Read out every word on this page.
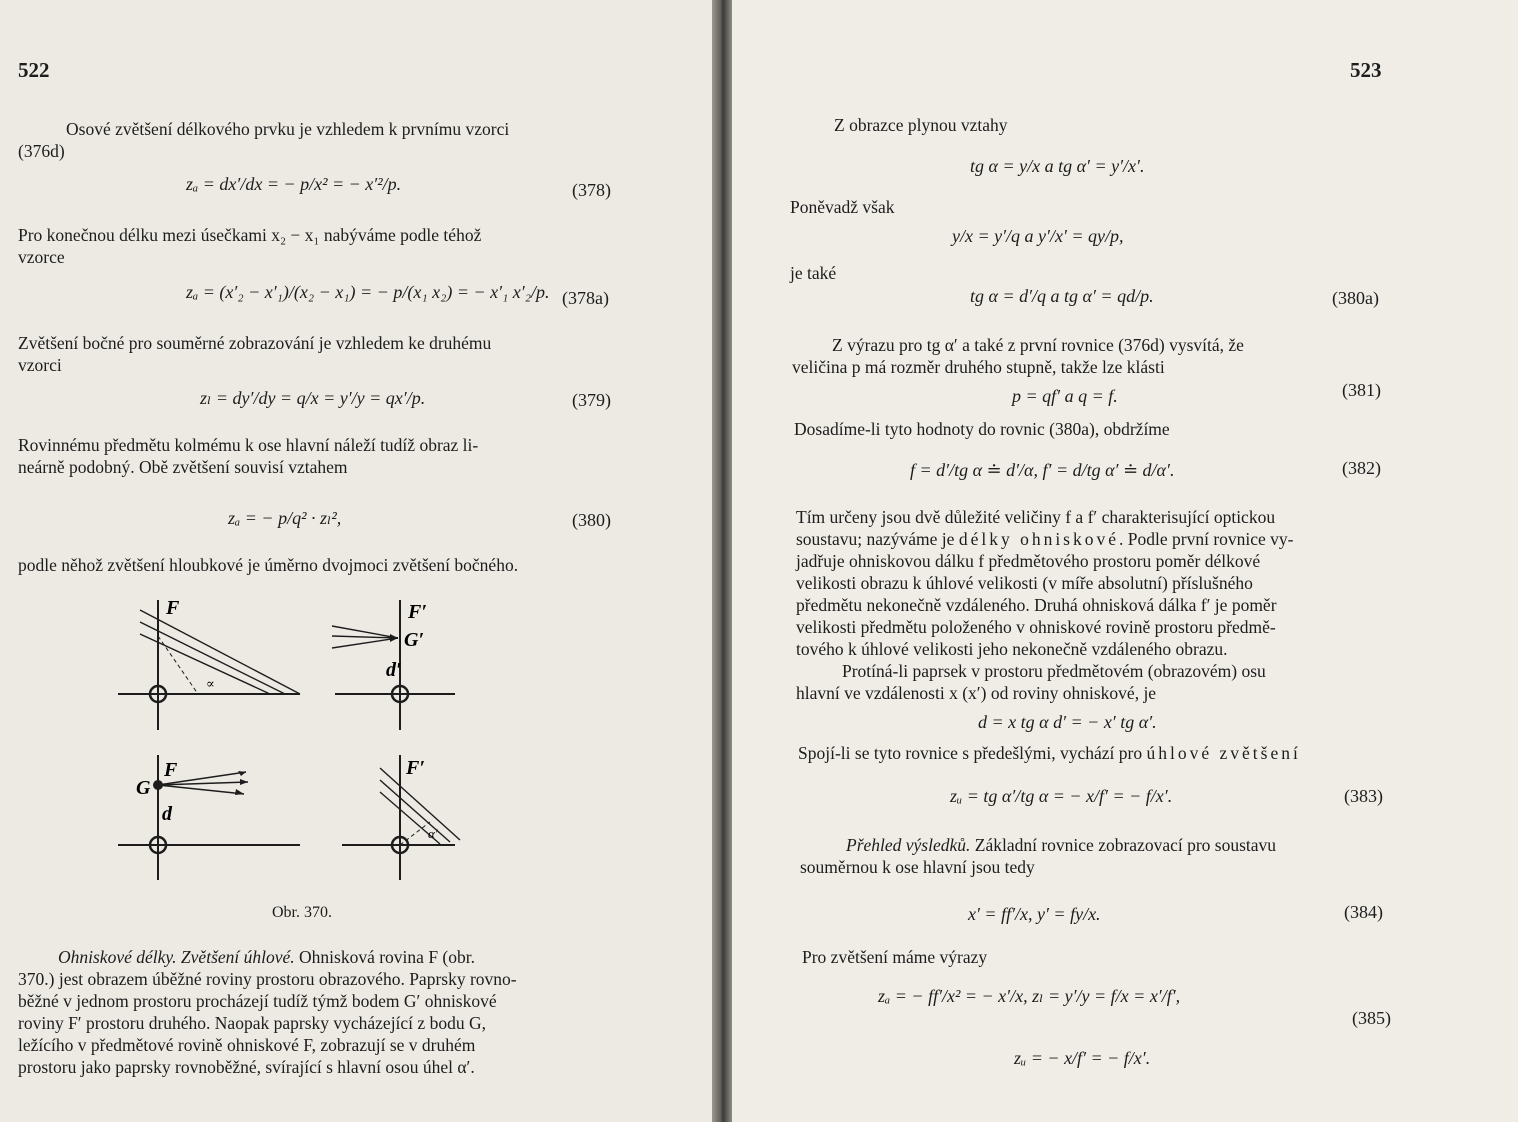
522
Osové zvětšení délkového prvku je vzhledem k prvnímu vzorci
(376d)
zₐ = dx′/dx = − p/x² = − x′²/p.	(378)
Pro konečnou délku mezi úsečkami x₂ − x₁ nabýváme podle téhož
vzorce
zₐ = (x′₂ − x′₁)/(x₂ − x₁) = − p/(x₁ x₂) = − x′₁ x′₂/p. (378a)
Zvětšení bočné pro souměrné zobrazování je vzhledem ke druhému
vzorci
zₗ = dy′/dy = q/x = y′/y = qx′/p.	(379)
Rovinnému předmětu kolmému k ose hlavní náleží tudíž obraz li-
neárně podobný. Obě zvětšení souvisí vztahem
zₐ = − p/q² · zₗ²,	(380)
podle něhož zvětšení hloubkové je úměrno dvojmoci zvětšení bočného.
F
∝
F′
G′
d′
F
G
d
F′
α′
Obr. 370.
Ohniskové délky. Zvětšení úhlové. Ohnisková rovina F (obr.
370.) jest obrazem úběžné roviny prostoru obrazového. Paprsky rovno-
běžné v jednom prostoru procházejí tudíž týmž bodem G′ ohniskové
roviny F′ prostoru druhého. Naopak paprsky vycházející z bodu G,
ležícího v předmětové rovině ohniskové F, zobrazují se v druhém
prostoru jako paprsky rovnoběžné, svírající s hlavní osou úhel α′.
523
Z obrazce plynou vztahy
tg α = y/x a tg α′ = y′/x′.
Poněvadž však
y/x = y′/q a y′/x′ = qy/p,
je také
tg α = d′/q a tg α′ = qd/p.	(380a)
Z výrazu pro tg α′ a také z první rovnice (376d) vysvítá, že
veličina p má rozměr druhého stupně, takže lze klásti
p = qf′ a q = f.	(381)
Dosadíme-li tyto hodnoty do rovnic (380a), obdržíme
f = d′/tg α ≐ d′/α, f′ = d/tg α′ ≐ d/α′.	(382)
Tím určeny jsou dvě důležité veličiny f a f′ charakterisující optickou
soustavu; nazýváme je délky ohniskové. Podle první rovnice vy-
jadřuje ohniskovou dálku f předmětového prostoru poměr délkové
velikosti obrazu k úhlové velikosti (v míře absolutní) příslušného
předmětu nekonečně vzdáleného. Druhá ohnisková dálka f′ je poměr
velikosti předmětu položeného v ohniskové rovině prostoru předmě-
tového k úhlové velikosti jeho nekonečně vzdáleného obrazu.
Protíná-li paprsek v prostoru předmětovém (obrazovém) osu
hlavní ve vzdálenosti x (x′) od roviny ohniskové, je
d = x tg α d′ = − x′ tg α′.
Spojí-li se tyto rovnice s předešlými, vychází pro úhlové zvětšení
zᵤ = tg α′/tg α = − x/f′ = − f/x′.	(383)
Přehled výsledků. Základní rovnice zobrazovací pro soustavu
souměrnou k ose hlavní jsou tedy
x′ = ff′/x, y′ = fy/x.	(384)
Pro zvětšení máme výrazy
zₐ = − ff′/x² = − x′/x, zₗ = y′/y = f/x = x′/f′,
zᵤ = − x/f′ = − f/x′.
(385)
